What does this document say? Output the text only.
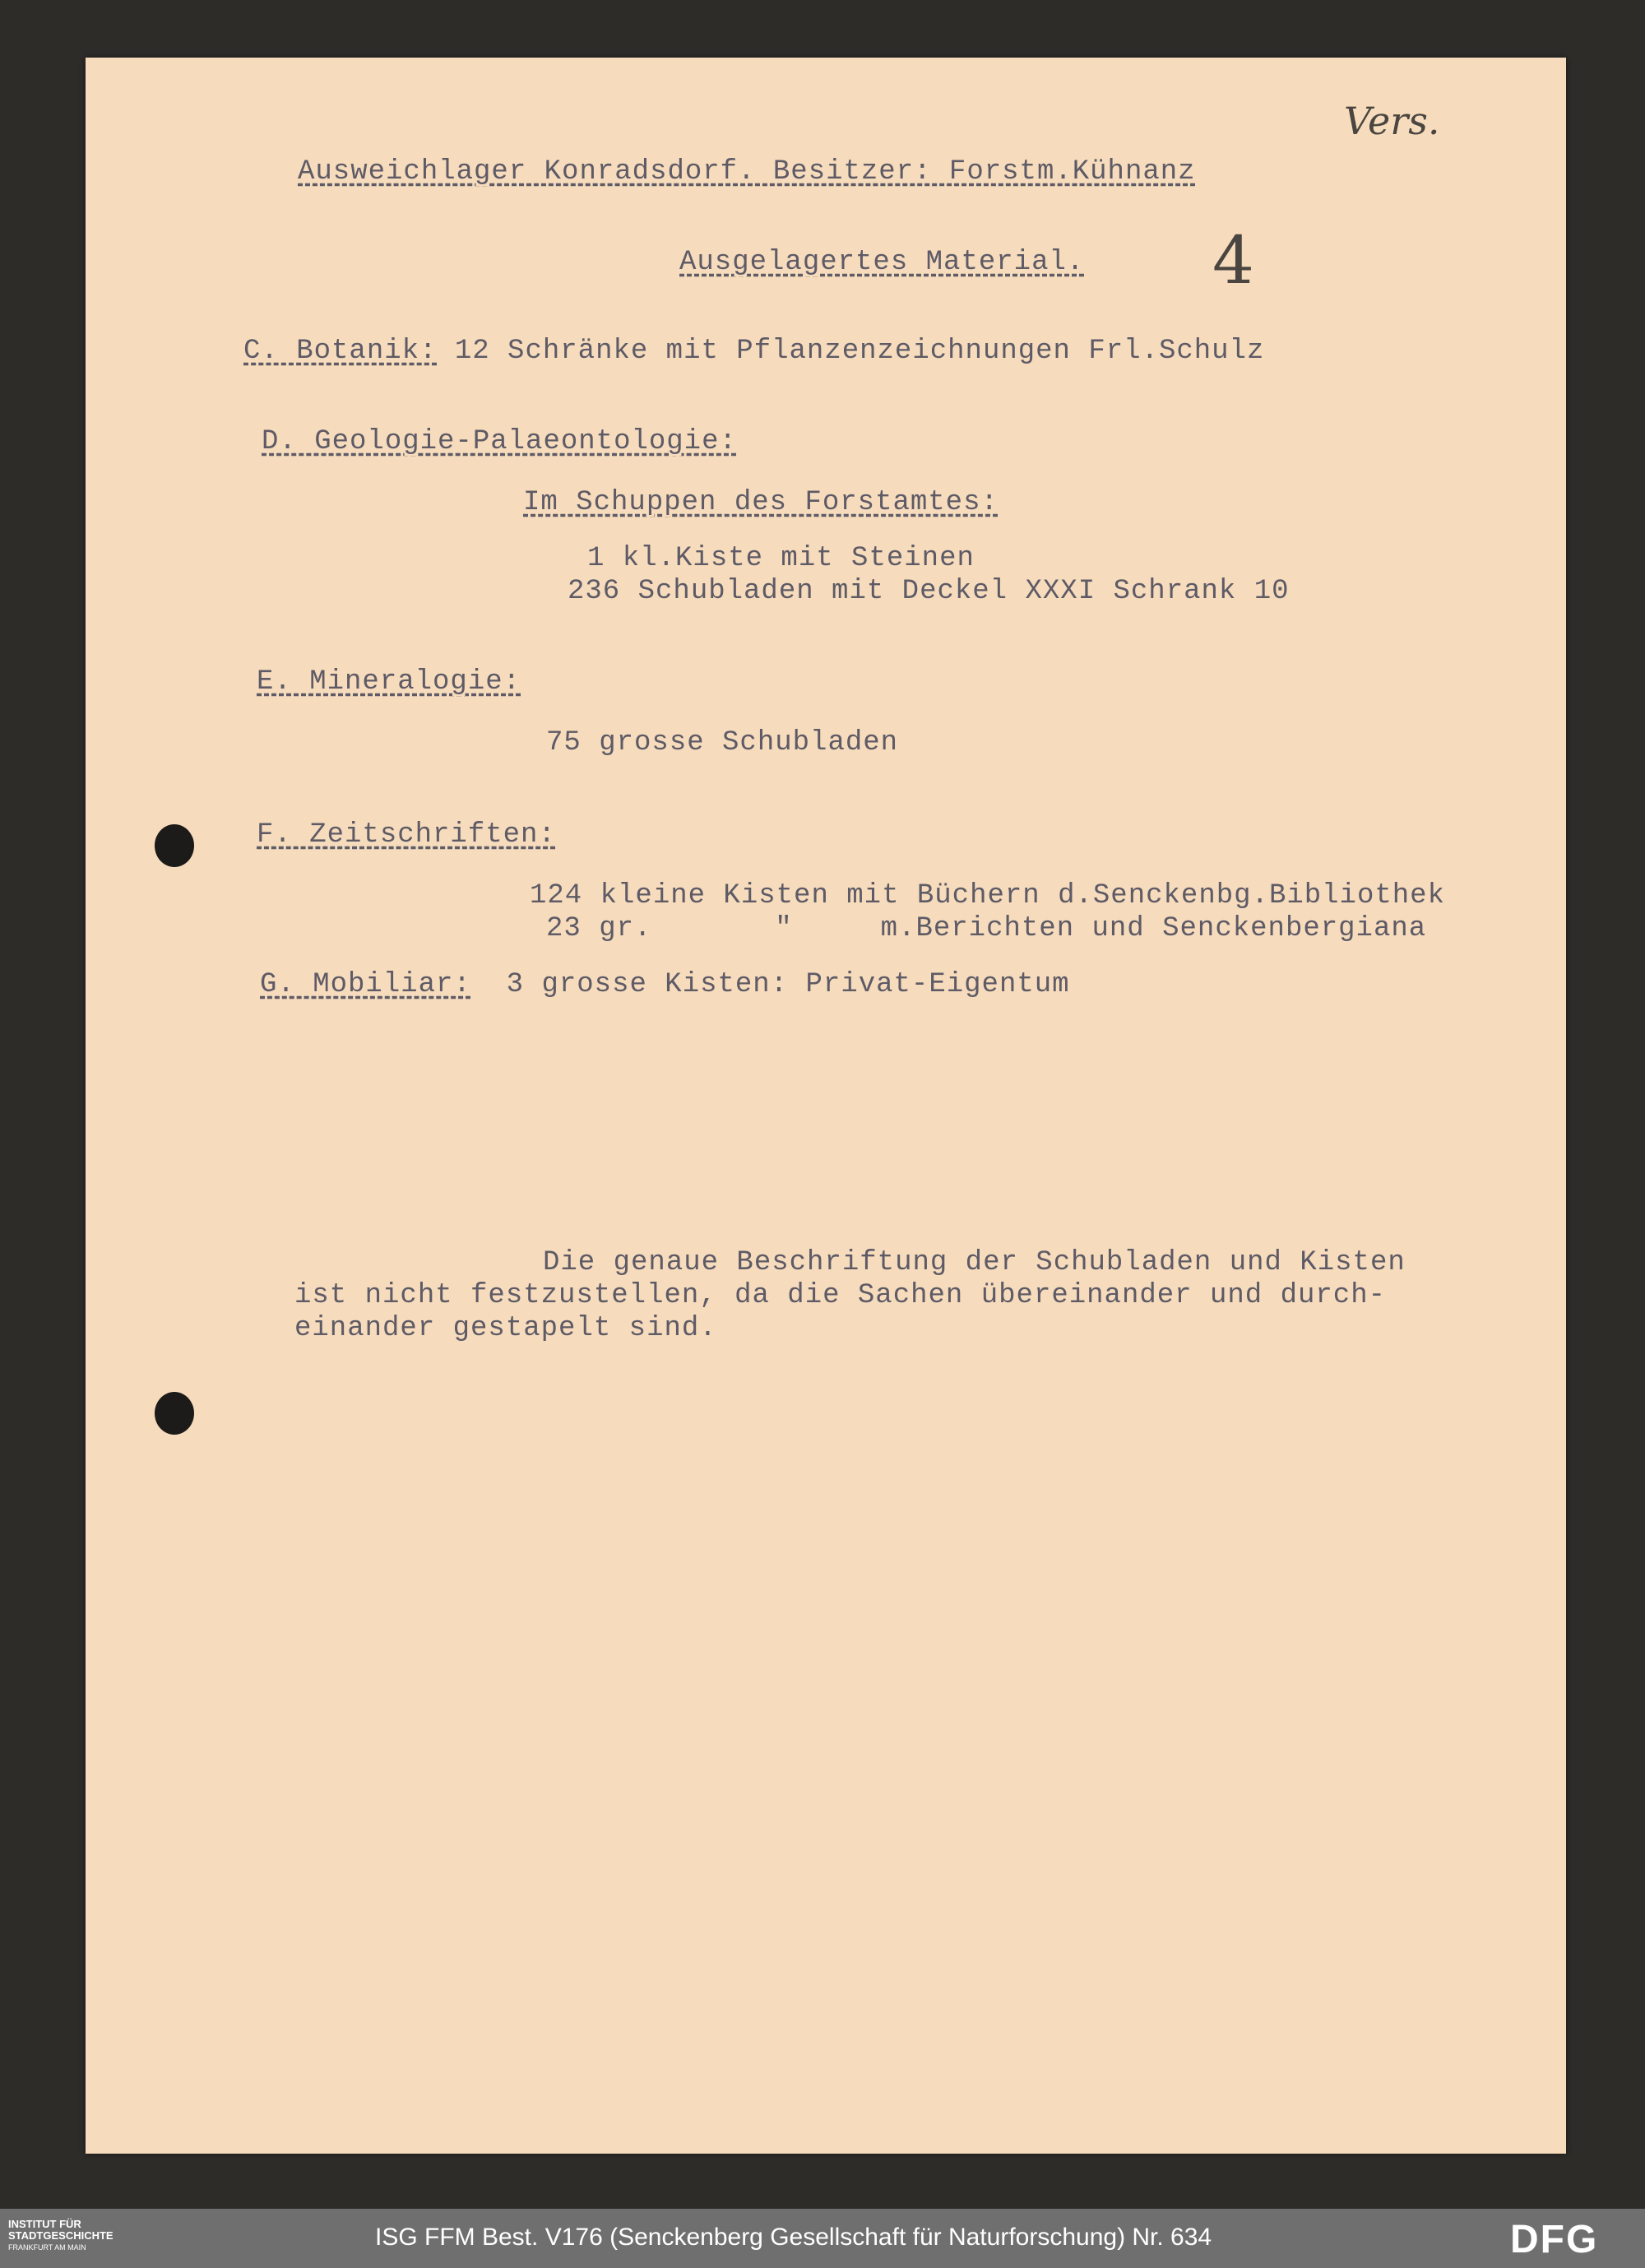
Vers.
4
Ausweichlager Konradsdorf. Besitzer: Forstm.Kühnanz
Ausgelagertes Material.
C. Botanik: 12 Schränke mit Pflanzenzeichnungen Frl.Schulz
D. Geologie-Palaeontologie:
Im Schuppen des Forstamtes:
1 kl.Kiste mit Steinen
236 Schubladen mit Deckel XXXI Schrank 10
E. Mineralogie:
75 grosse Schubladen
F. Zeitschriften:
124 kleine Kisten mit Büchern d.Senckenbg.Bibliothek
23 gr.       "     m.Berichten und Senckenbergiana
G. Mobiliar: 3 grosse Kisten: Privat-Eigentum
Die genaue Beschriftung der Schubladen und Kisten
ist nicht festzustellen, da die Sachen übereinander und durch-
einander gestapelt sind.
INSTITUT FÜR
STADTGESCHICHTE
FRANKFURT AM MAIN	ISG FFM Best. V176 (Senckenberg Gesellschaft für Naturforschung) Nr. 634	DFG
